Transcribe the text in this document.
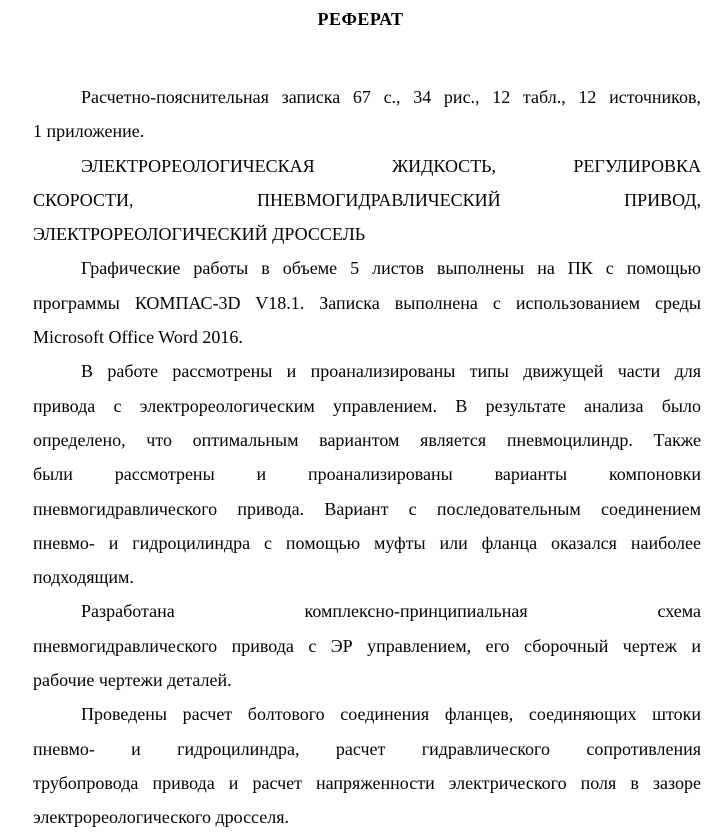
РЕФЕРАТ
Расчетно-пояснительная записка 67 с., 34 рис., 12 табл., 12 источников,
1 приложение.
ЭЛЕКТРОРЕОЛОГИЧЕСКАЯ ЖИДКОСТЬ, РЕГУЛИРОВКА
СКОРОСТИ, ПНЕВМОГИДРАВЛИЧЕСКИЙ ПРИВОД,
ЭЛЕКТРОРЕОЛОГИЧЕСКИЙ ДРОССЕЛЬ
Графические работы в объеме 5 листов выполнены на ПК с помощью
программы КОМПАС-3D V18.1. Записка выполнена с использованием среды
Microsoft Office Word 2016.
В работе рассмотрены и проанализированы типы движущей части для
привода с электрореологическим управлением. В результате анализа было
определено, что оптимальным вариантом является пневмоцилиндр. Также
были рассмотрены и проанализированы варианты компоновки
пневмогидравлического привода. Вариант с последовательным соединением
пневмо- и гидроцилиндра с помощью муфты или фланца оказался наиболее
подходящим.
Разработана комплексно-принципиальная схема
пневмогидравлического привода с ЭР управлением, его сборочный чертеж и
рабочие чертежи деталей.
Проведены расчет болтового соединения фланцев, соединяющих штоки
пневмо- и гидроцилиндра, расчет гидравлического сопротивления
трубопровода привода и расчет напряженности электрического поля в зазоре
электрореологического дросселя.
